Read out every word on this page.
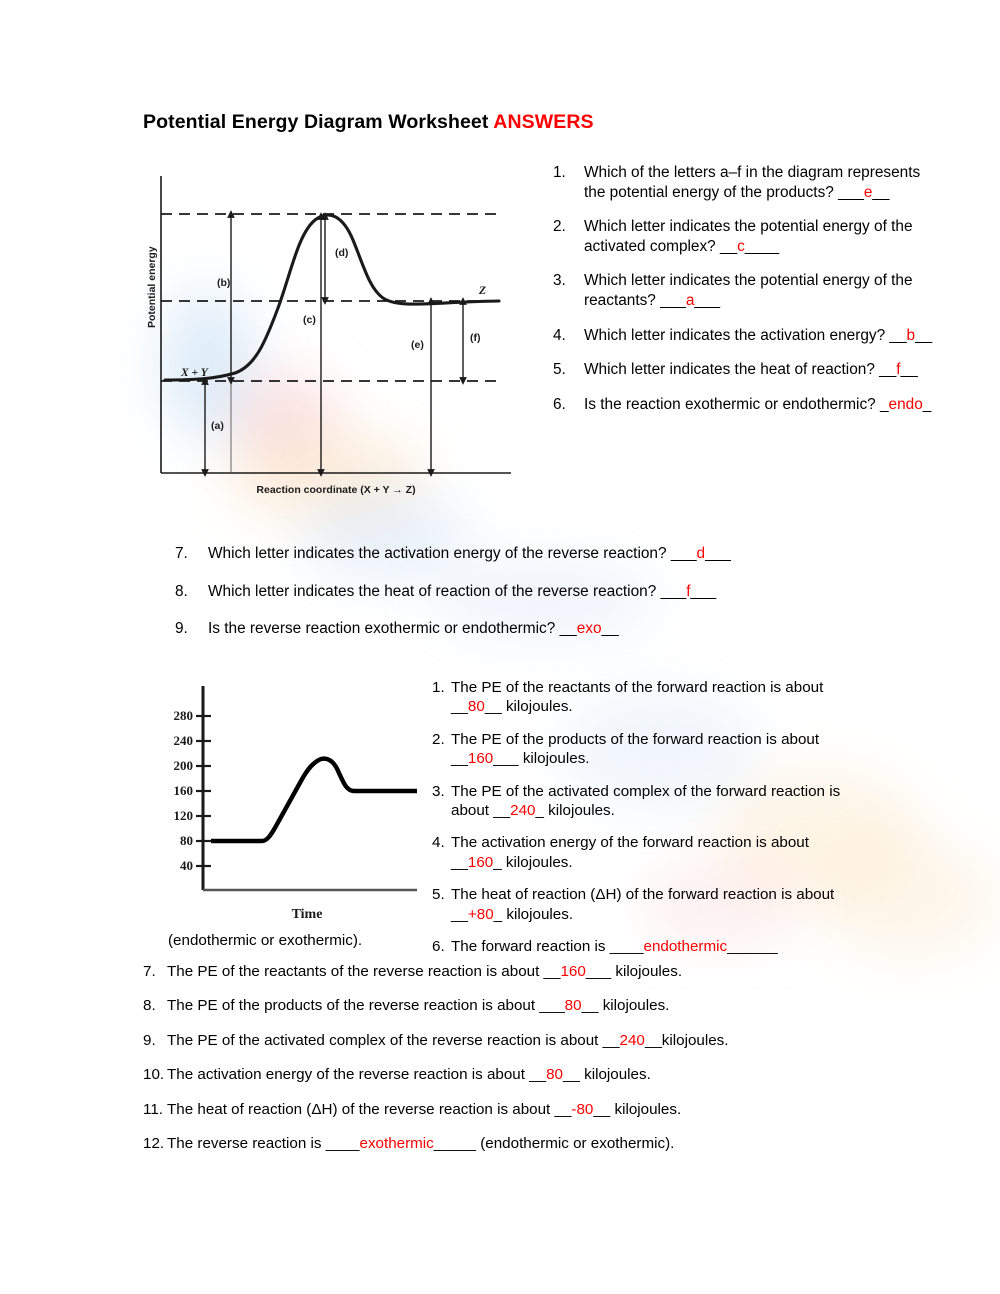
Potential Energy Diagram Worksheet ANSWERS
Potential energy
Reaction coordinate (X + Y → Z)
X + Y
Z
(a)
(b)
(c)
(d)
(e)
(f)
1.	Which of the letters a–f in the diagram represents the potential energy of the products? ___e__
2.	Which letter indicates the potential energy of the activated complex? __c____
3.	Which letter indicates the potential energy of the reactants? ___a___
4.	Which letter indicates the activation energy? __b__
5.	Which letter indicates the heat of reaction? __f__
6.	Is the reaction exothermic or endothermic? _endo_
7.	Which letter indicates the activation energy of the reverse reaction? ___d___
8.	Which letter indicates the heat of reaction of the reverse reaction? ___f___
9.	Is the reverse reaction exothermic or endothermic? __exo__
280
240
200
160
120
80
40
Time
1. The PE of the reactants of the forward reaction is about __80__ kilojoules.
2. The PE of the products of the forward reaction is about __160___ kilojoules.
3. The PE of the activated complex of the forward reaction is about __240_ kilojoules.
4. The activation energy of the forward reaction is about __160_ kilojoules.
5. The heat of reaction (ΔH) of the forward reaction is about __+80_ kilojoules.
6. The forward reaction is ____endothermic______
(endothermic or exothermic).
7. The PE of the reactants of the reverse reaction is about __160___ kilojoules.
8. The PE of the products of the reverse reaction is about ___80__ kilojoules.
9. The PE of the activated complex of the reverse reaction is about __240__kilojoules.
10. The activation energy of the reverse reaction is about __80__ kilojoules.
11. The heat of reaction (ΔH) of the reverse reaction is about __-80__ kilojoules.
12. The reverse reaction is ____exothermic_____ (endothermic or exothermic).
